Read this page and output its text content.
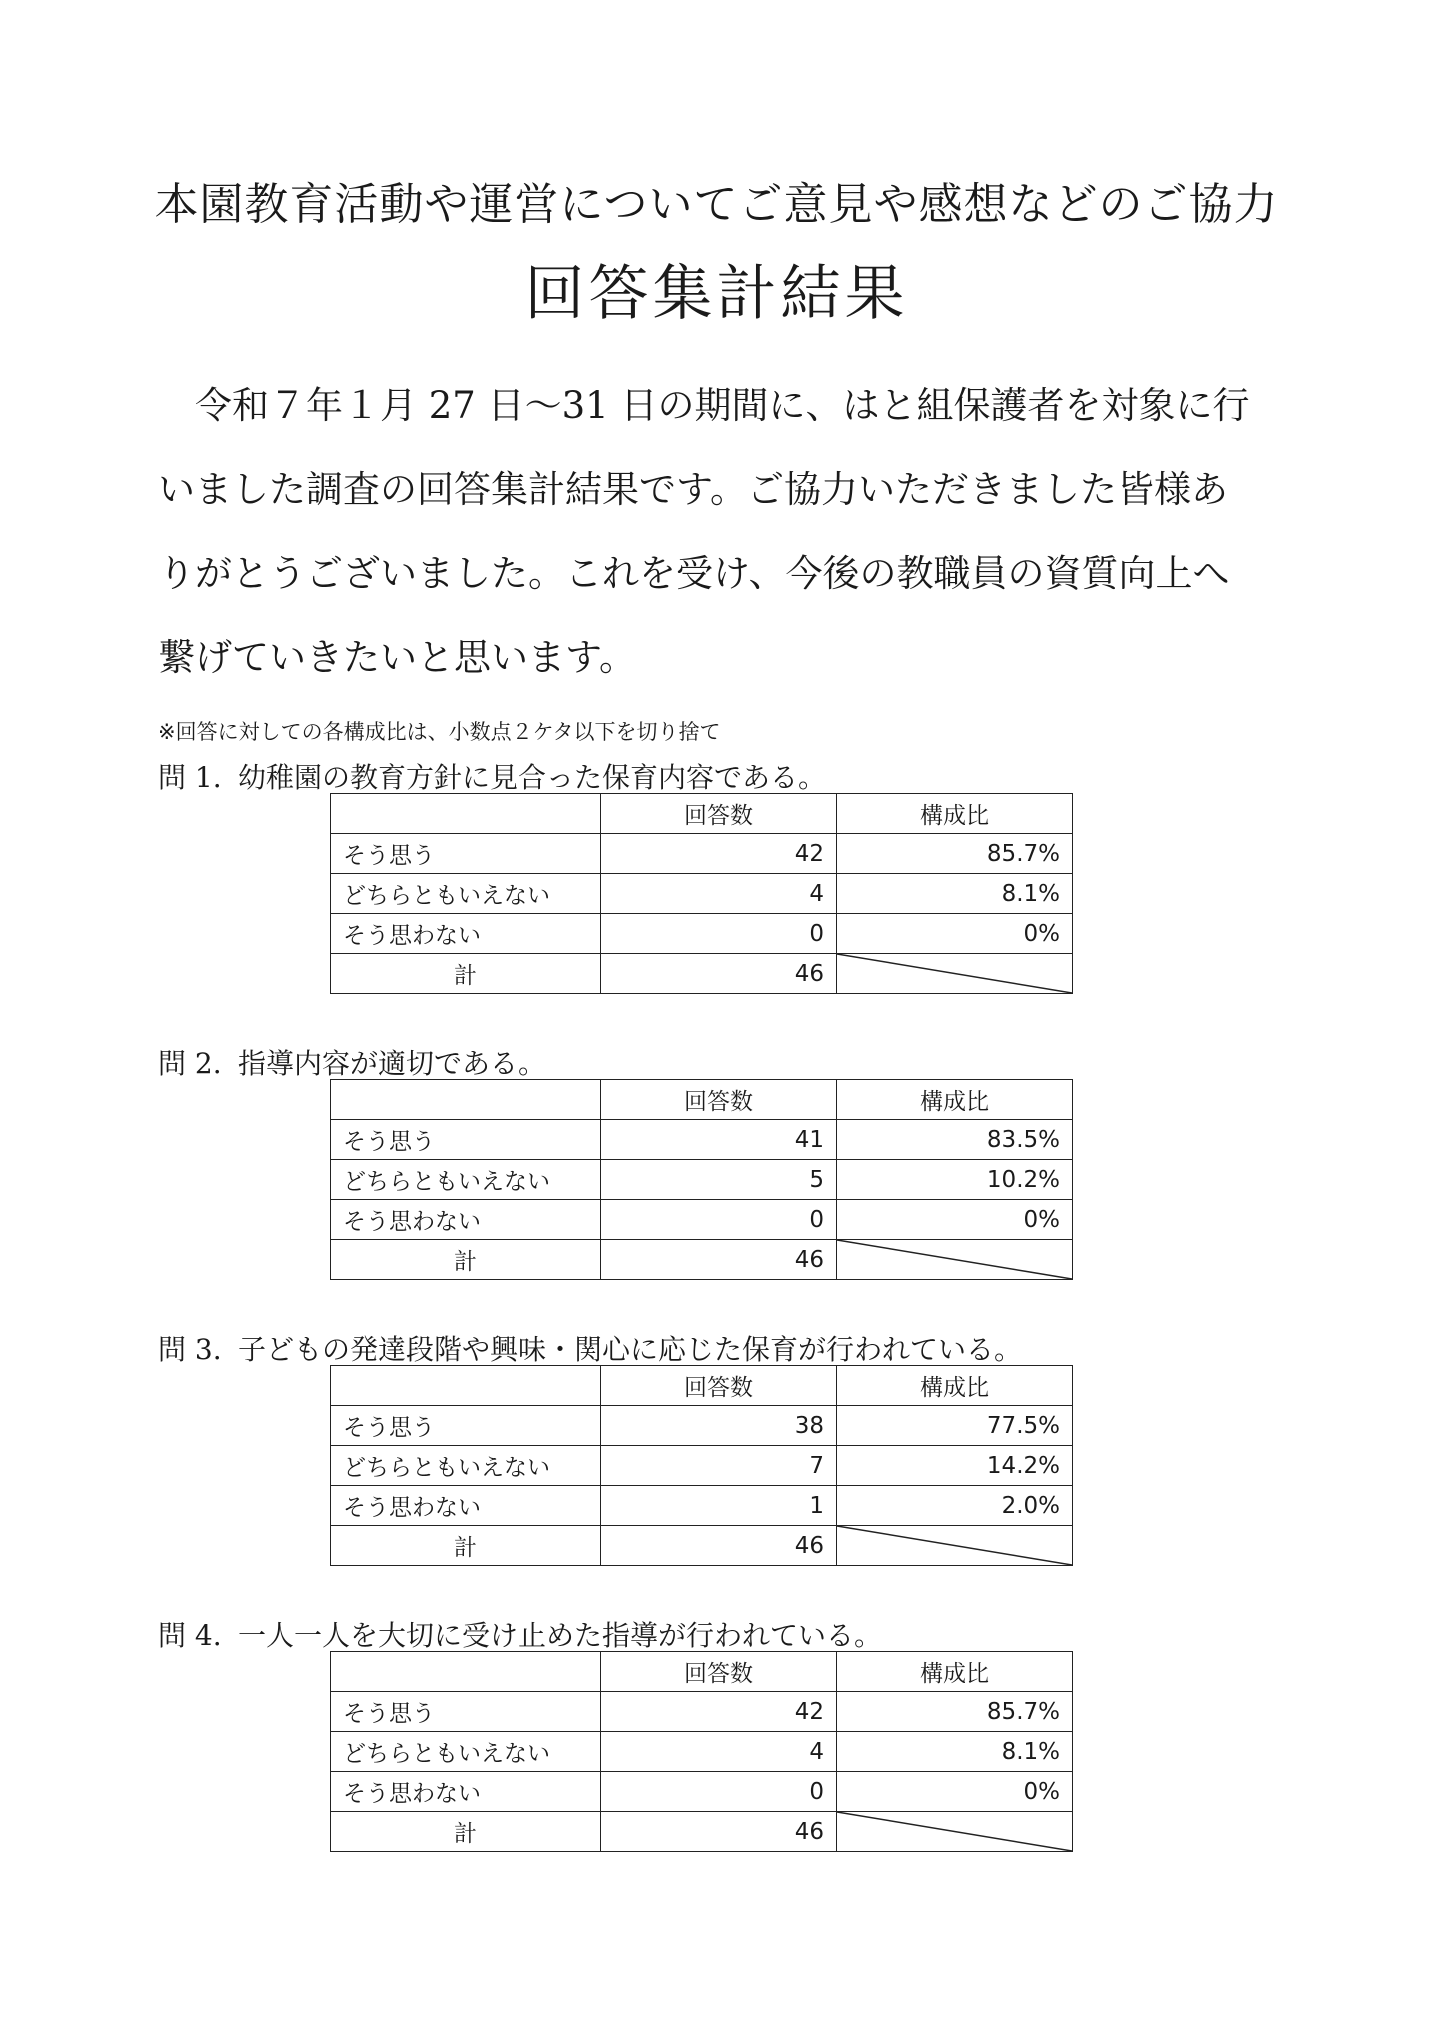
本園教育活動や運営についてご意見や感想などのご協力
回答集計結果

令和７年１月 27 日～31 日の期間に、はと組保護者を対象に行

いました調査の回答集計結果です。ご協力いただきました皆様あ

りがとうございました。これを受け、今後の教職員の資質向上へ

繋げていきたいと思います。

※回答に対しての各構成比は、小数点２ケタ以下を切り捨て
問 1. 幼稚園の教育方針に見合った保育内容である。
	回答数	構成比
そう思う	42	85.7%
どちらともいえない	4	8.1%
そう思わない	0	0%
計	46	
問 2. 指導内容が適切である。
	回答数	構成比
そう思う	41	83.5%
どちらともいえない	5	10.2%
そう思わない	0	0%
計	46	
問 3. 子どもの発達段階や興味・関心に応じた保育が行われている。
	回答数	構成比
そう思う	38	77.5%
どちらともいえない	7	14.2%
そう思わない	1	2.0%
計	46	
問 4. 一人一人を大切に受け止めた指導が行われている。
	回答数	構成比
そう思う	42	85.7%
どちらともいえない	4	8.1%
そう思わない	0	0%
計	46	
